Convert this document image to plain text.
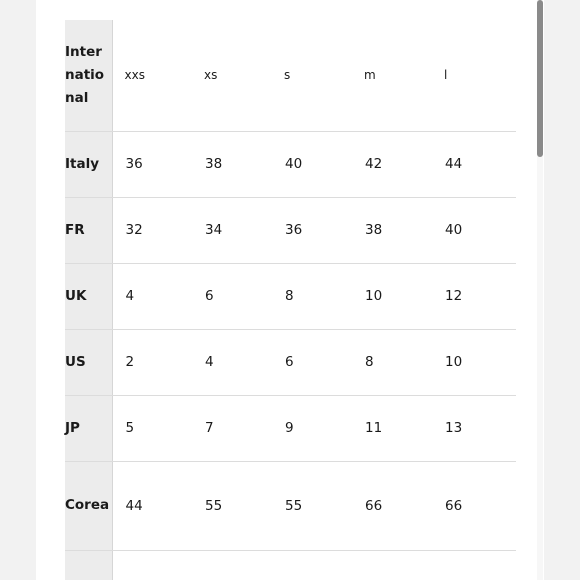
International	xxs	xs	s	m	l
Italy	36	38	40	42	44
FR	32	34	36	38	40
UK	4	6	8	10	12
US	2	4	6	8	10
JP	5	7	9	11	13
Corea	44	55	55	66	66
